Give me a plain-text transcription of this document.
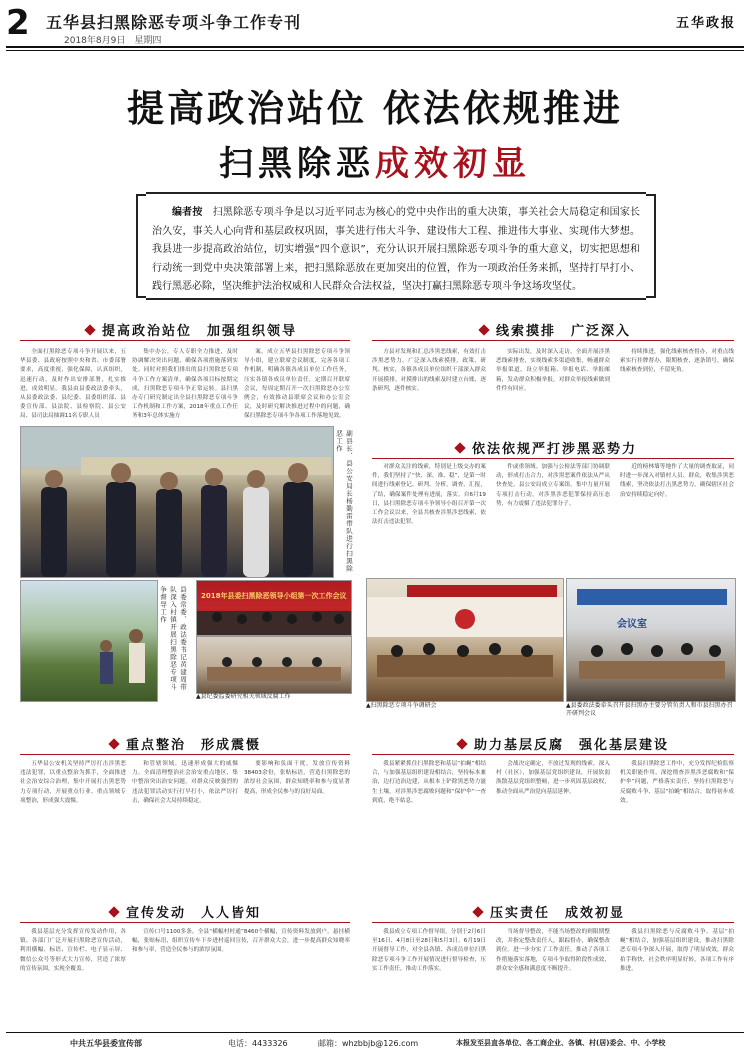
2 五华县扫黑除恶专项斗争工作专刊
2018年8月9日　星期四
五华政报
提高政治站位 依法依规推进
扫黑除恶成效初显
编者按　 扫黑除恶专项斗争是以习近平同志为核心的党中央作出的重大决策，事关社会大局稳定和国家长治久安，事关人心向背和基层政权巩固，事关进行伟大斗争、建设伟大工程、推进伟大事业、实现伟大梦想。我县进一步提高政治站位，切实增强“四个意识”，充分认识开展扫黑除恶专项斗争的重大意义，切实把思想和行动统一到党中央决策部署上来，把扫黑除恶放在更加突出的位置，作为一项政治任务来抓，坚持打早打小、践行黑恶必除，坚决维护法治权威和人民群众合法权益，坚决打赢扫黑除恶专项斗争这场攻坚仗。
提高政治站位　加强组织领导

全面打黑除恶专项斗争开展以来，五华县委、县政府按照中央和省、市委部署要求，高度重视，强化保障，认真组织，迅速行动，及时作出安排部署，扎实推进，成效明显。我县由县委政法委牵头，从县委政法委、县纪委、县委组织部、县委宣传部、县法院、县检察院、县公安局、县司法局抽调11名专职人员

集中办公，专人专职全力推进，及时协调解决突出问题，确保各项措施落到实处。同时对照我们排出的县扫黑除恶专项斗争工作方案清单，确保各项目标按期完成，扫黑除恶专项斗争正常运转。县扫黑办专门研究制定出全县扫黑除恶专项斗争工作机制和工作方案，2018年重点工作任务和3年总体实施方

案，成立五华县扫黑除恶专项斗争领导小组，建立联席会议制度，完善各项工作机制，明确各镇各成员单位工作任务，压实各镇各成员单位责任，定期召开联席会议，每周定期召开一次扫黑除恶办公室例会，有效推动县联席会议和办公室会议，及时研究解决推进过程中的问题，确保扫黑除恶专项斗争各项工作落地见效。

线索摸排　广泛深入

方县对发现和汇总涉黑恶线索，有效打击涉黑恶势力，广泛深入线索摸排，政策、研判、核实，各镇各成员单位组织干部深入群众开展摸排。对摸排出的线索及时建立台账，逐条研判，逐件核实。

实际出发，及时深入走访，全面开展涉黑恶线索排查，实现线索多渠道收集，畅通群众举报渠道，设立举报箱、举报电话、举报邮箱，发动群众积极举报，对群众举报线索做到件件有回应。

持续推进，强化线索核查督办，对重点线索实行挂牌督办，限期核查，逐条销号，确保线索核查到位，不留死角。

副县长、县公安局长杨勤雷带队进行扫黑除恶工作
县委常委、政法委书记黄建周带队深入村镇开展扫黑除恶专项斗争督导工作	2018年县委扫黑除恶领导小组第一次工作会议
▲县纪委监委研究相关领域反腐工作
依法依规严打涉黑恶势力

对群众关注的线索，特别是上级交办的案件，我们坚持了“快、深、准、稳”，是第一时间进行线索登记、研判、分析，调查、汇报，了结，确保案件处理有进展，落实。自6月19日，县扫黑除恶专项斗争领导小组召开第一次工作会议以来，全县共核查涉黑涉恶线索，依法打击违法犯罪。

件或重领域。加强与公检法等部门协调联动，形成打击合力，对涉黑恶案件依法从严从快查处。县公安局成立专案组，集中力量开展专项打击行动，对涉黑涉恶犯罪保持高压态势，有力震慑了违法犯罪分子。

近的榜林墙等地作了大量的调查取证，同时进一步深入对镇村人员、群众，收集涉黑恶线索，坚决依法打击黑恶势力，确保辖区社会治安持续稳定向好。

▲扫黑除恶专项斗争调研会
会议室
▲县委政法委牵头召开县扫黑办主要分管负责人和市县扫黑办召开研判会议
重点整治　形成震慑

五华县公安机关坚持严厉打击涉黑恶违法犯罪，以重点整治为抓手，全面推进社会治安综合治理，集中开展打击黑恶势力专项行动，开展重点行业、重点领域专项整治，形成强大震慑。

和管辖领域，迅速形成强大的威慑力。全面清理整治社会治安重点地区，集中整治突出治安问题，对群众反映强烈的违法犯罪活动实行打早打小，依法严厉打击，确保社会大局持续稳定。

要影响和负面干扰，发放宣传资料38403余份，张贴标语，营造扫黑除恶的浓厚社会氛围，群众知晓率和参与度显著提高，形成全民参与的良好局面。

助力基层反腐　强化基层建设

我县紧紧抓住扫黑除恶和基层“拍蝇”相结合，与加强基层组织建设相结合，坚持标本兼治，边打边治边建，从根本上铲除黑恶势力滋生土壤，对涉黑涉恶腐败问题和“保护伞”一查到底，绝不姑息。

会战决定确定，不放过发现的线索，深入村（社区），加强基层党组织建设，开展软弱涣散基层党组织整顿，进一步巩固基层政权，推动全面从严治党向基层延伸。

我县扫黑除恶工作中，充分发挥纪检监察机关职能作用，深挖彻查涉黑涉恶腐败和“保护伞”问题，严格落实责任，坚持扫黑除恶与反腐败斗争、基层“拍蝇”相结合，取得初步成效。

宣传发动　人人皆知

我县基层充分发挥宣传发动作用，各镇、各部门广泛开展扫黑除恶宣传活动，利用横幅、标语、宣传栏、电子显示屏、微信公众号等形式大力宣传，营造了浓厚的宣传氛围，实现全覆盖。

宣传口号1100多条，全县“横幅村村通”8460个横幅，宣传资料发放到户，悬挂横幅，张贴标语，组织宣传车下乡进村巡回宣传，召开群众大会，进一步提高群众知晓率和参与率，营造全民参与的浓厚氛围。

压实责任　成效初显

我县成立专项工作督导组，分别于2月6日至16日、4月8日至28日和5月3日、6月19日开展督导工作，对全县各镇、各成员单位扫黑除恶专项斗争工作开展情况进行督导检查，压实工作责任，推动工作落实。

当场督导整改，不能当场整改的则限期整改，并指定整改责任人，跟踪督办，确保整改到位。进一步夯实了工作责任，推动了各项工作措施落实落地，专项斗争取得阶段性成效，群众安全感和满意度不断提升。

我县扫黑除恶与反腐败斗争、基层“拍蝇”相结合，加强基层组织建设，推动扫黑除恶专项斗争深入开展，取得了明显成效，群众拍手称快，社会秩序明显好转，各项工作有序推进。

中共五华县委宣传部	电话：4433326	邮箱：whzbbjb@126.com	本报发至县直各单位、各工商企业、各镇、村(居)委会、中、小学校
